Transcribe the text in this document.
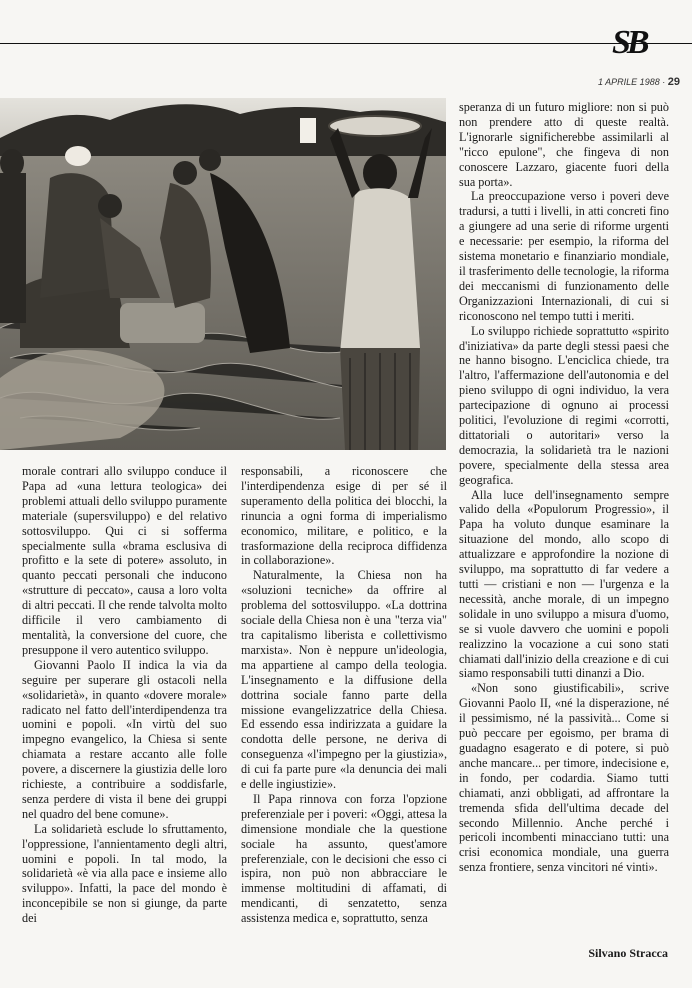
SB
1 APRILE 1988 · 29

morale contrari allo sviluppo conduce il Papa ad «una lettura teologica» dei problemi attuali dello sviluppo puramente materiale (supersviluppo) e del relativo sottosviluppo. Qui ci si sofferma specialmente sulla «brama esclusiva di profitto e la sete di potere» assoluto, in quanto peccati personali che inducono «strutture di peccato», causa a loro volta di altri peccati. Il che rende talvolta molto difficile il vero cambiamento di mentalità, la conversione del cuore, che presuppone il vero autentico sviluppo.

Giovanni Paolo II indica la via da seguire per superare gli ostacoli nella «solidarietà», in quanto «dovere morale» radicato nel fatto dell'interdipendenza tra uomini e popoli. «In virtù del suo impegno evangelico, la Chiesa si sente chiamata a restare accanto alle folle povere, a discernere la giustizia delle loro richieste, a contribuire a soddisfarle, senza perdere di vista il bene dei gruppi nel quadro del bene comune».

La solidarietà esclude lo sfruttamento, l'oppressione, l'annientamento degli altri, uomini e popoli. In tal modo, la solidarietà «è via alla pace e insieme allo sviluppo». Infatti, la pace del mondo è inconcepibile se non si giunge, da parte dei

responsabili, a riconoscere che l'interdipendenza esige di per sé il superamento della politica dei blocchi, la rinuncia a ogni forma di imperialismo economico, militare, e politico, e la trasformazione della reciproca diffidenza in collaborazione».

Naturalmente, la Chiesa non ha «soluzioni tecniche» da offrire al problema del sottosviluppo. «La dottrina sociale della Chiesa non è una "terza via" tra capitalismo liberista e collettivismo marxista». Non è neppure un'ideologia, ma appartiene al campo della teologia. L'insegnamento e la diffusione della dottrina sociale fanno parte della missione evangelizzatrice della Chiesa. Ed essendo essa indirizzata a guidare la condotta delle persone, ne deriva di conseguenza «l'impegno per la giustizia», di cui fa parte pure «la denuncia dei mali e delle ingiustizie».

Il Papa rinnova con forza l'opzione preferenziale per i poveri: «Oggi, attesa la dimensione mondiale che la questione sociale ha assunto, quest'amore preferenziale, con le decisioni che esso ci ispira, non può non abbracciare le immense moltitudini di affamati, di mendicanti, di senzatetto, senza assistenza medica e, soprattutto, senza

speranza di un futuro migliore: non si può non prendere atto di queste realtà. L'ignorarle significherebbe assimilarli al "ricco epulone", che fingeva di non conoscere Lazzaro, giacente fuori della sua porta».

La preoccupazione verso i poveri deve tradursi, a tutti i livelli, in atti concreti fino a giungere ad una serie di riforme urgenti e necessarie: per esempio, la riforma del sistema monetario e finanziario mondiale, il trasferimento delle tecnologie, la riforma dei meccanismi di funzionamento delle Organizzazioni Internazionali, di cui si riconoscono nel tempo tutti i meriti.

Lo sviluppo richiede soprattutto «spirito d'iniziativa» da parte degli stessi paesi che ne hanno bisogno. L'enciclica chiede, tra l'altro, l'affermazione dell'autonomia e del pieno sviluppo di ogni individuo, la vera partecipazione di ognuno ai processi politici, l'evoluzione di regimi «corrotti, dittatoriali o autoritari» verso la democrazia, la solidarietà tra le nazioni povere, specialmente della stessa area geografica.

Alla luce dell'insegnamento sempre valido della «Populorum Progressio», il Papa ha voluto dunque esaminare la situazione del mondo, allo scopo di attualizzare e approfondire la nozione di sviluppo, ma soprattutto di far vedere a tutti — cristiani e non — l'urgenza e la necessità, anche morale, di un impegno solidale in uno sviluppo a misura d'uomo, se si vuole davvero che uomini e popoli realizzino la vocazione a cui sono stati chiamati dall'inizio della creazione e di cui siamo responsabili tutti dinanzi a Dio.

«Non sono giustificabili», scrive Giovanni Paolo II, «né la disperazione, né il pessimismo, né la passività... Come si può peccare per egoismo, per brama di guadagno esagerato e di potere, si può anche mancare... per timore, indecisione e, in fondo, per codardia. Siamo tutti chiamati, anzi obbligati, ad affrontare la tremenda sfida dell'ultima decade del secondo Millennio. Anche perché i pericoli incombenti minacciano tutti: una crisi economica mondiale, una guerra senza frontiere, senza vincitori né vinti».

Silvano Stracca
